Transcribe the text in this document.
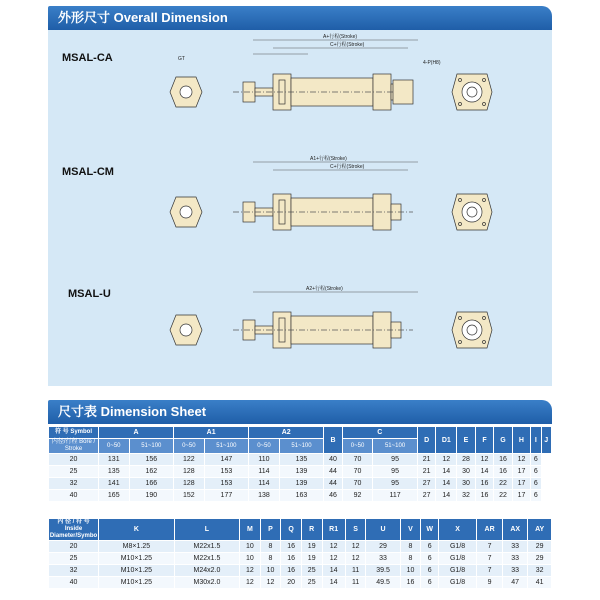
外形尺寸 Overall Dimension
MSAL-CA
MSAL-CM
MSAL-U
A+行程(Stroke)
C+行程(Stroke)
4-P(H8)
GT
A1+行程(Stroke)
C+行程(Stroke)
A2+行程(Stroke)
尺寸表 Dimension Sheet
符 号 Symbol	A		A1		A2		B	C		D	D1	E	F	G	H	I	J
内径/行程 Bore / Stroke	0~50	51~100	0~50	51~100	0~50	51~100		0~50	51~100								
20	131	156	122	147	110	135	40	70	95	21	12	28	12	16	12	6	
25	135	162	128	153	114	139	44	70	95	21	14	30	14	16	17	6	
32	141	166	128	153	114	139	44	70	95	27	14	30	16	22	17	6	
40	165	190	152	177	138	163	46	92	117	27	14	32	16	22	17	6	
内 径 / 符 号 Inside Diameter/Symbo	K	L	M	P	Q	R	R1	S	U	V	W	X	AR	AX	AY
20	M8×1.25	M22x1.5	10	8	16	19	12	12	29	8	6	G1/8	7	33	29
25	M10×1.25	M22x1.5	10	8	16	19	12	12	33	8	6	G1/8	7	33	29
32	M10×1.25	M24x2.0	12	10	16	25	14	11	39.5	10	6	G1/8	7	33	32
40	M10×1.25	M30x2.0	12	12	20	25	14	11	49.5	16	6	G1/8	9	47	41
